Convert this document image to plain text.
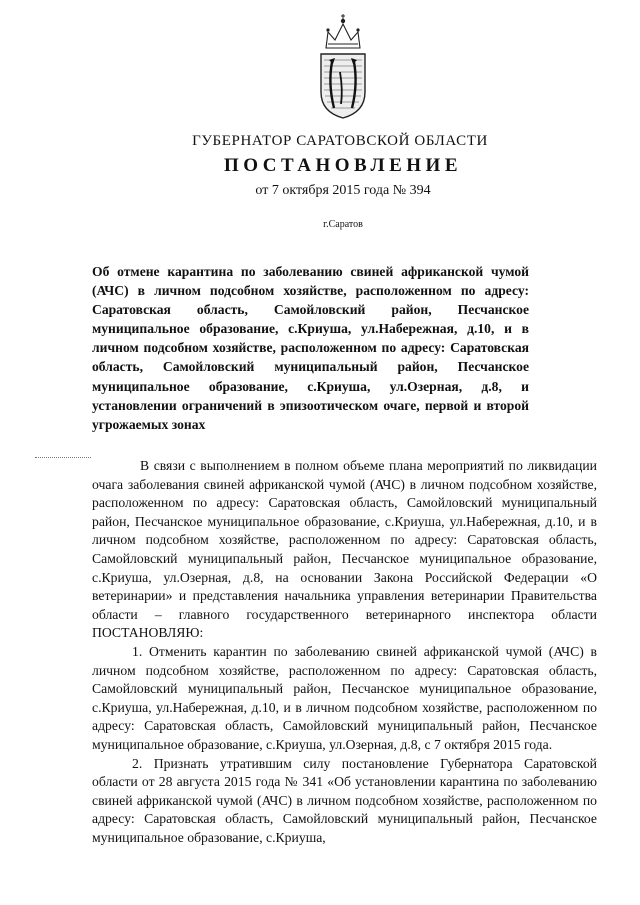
ГУБЕРНАТОР САРАТОВСКОЙ ОБЛАСТИ
ПОСТАНОВЛЕНИЕ
от 7 октября 2015 года № 394
г.Саратов
Об отмене карантина по заболеванию свиней африканской чумой (АЧС) в личном подсобном хозяйстве, расположенном по адресу: Саратовская область, Самойловский район, Песчанское муниципальное образование, с.Криуша, ул.Набережная, д.10, и в личном подсобном хозяйстве, расположенном по адресу: Саратовская область, Самойловский муниципальный район, Песчанское муниципальное образование, с.Криуша, ул.Озерная, д.8, и установлении ограничений в эпизоотическом очаге, первой и второй угрожаемых зонах

В связи с выполнением в полном объеме плана мероприятий по ликвидации очага заболевания свиней африканской чумой (АЧС) в личном подсобном хозяйстве, расположенном по адресу: Саратовская область, Самойловский муниципальный район, Песчанское муниципальное образование, с.Криуша, ул.Набережная, д.10, и в личном подсобном хозяйстве, расположенном по адресу: Саратовская область, Самойловский муниципальный район, Песчанское муниципальное образование, с.Криуша, ул.Озерная, д.8, на основании Закона Российской Федерации «О ветеринарии» и представления начальника управления ветеринарии Правительства области – главного государственного ветеринарного инспектора области ПОСТАНОВЛЯЮ:

1. Отменить карантин по заболеванию свиней африканской чумой (АЧС) в личном подсобном хозяйстве, расположенном по адресу: Саратовская область, Самойловский муниципальный район, Песчанское муниципальное образование, с.Криуша, ул.Набережная, д.10, и в личном подсобном хозяйстве, расположенном по адресу: Саратовская область, Самойловский муниципальный район, Песчанское муниципальное образование, с.Криуша, ул.Озерная, д.8, с 7 октября 2015 года.

2. Признать утратившим силу постановление Губернатора Саратовской области от 28 августа 2015 года № 341 «Об установлении карантина по заболеванию свиней африканской чумой (АЧС) в личном подсобном хозяйстве, расположенном по адресу: Саратовская область, Самойловский муниципальный район, Песчанское муниципальное образование, с.Криуша,
